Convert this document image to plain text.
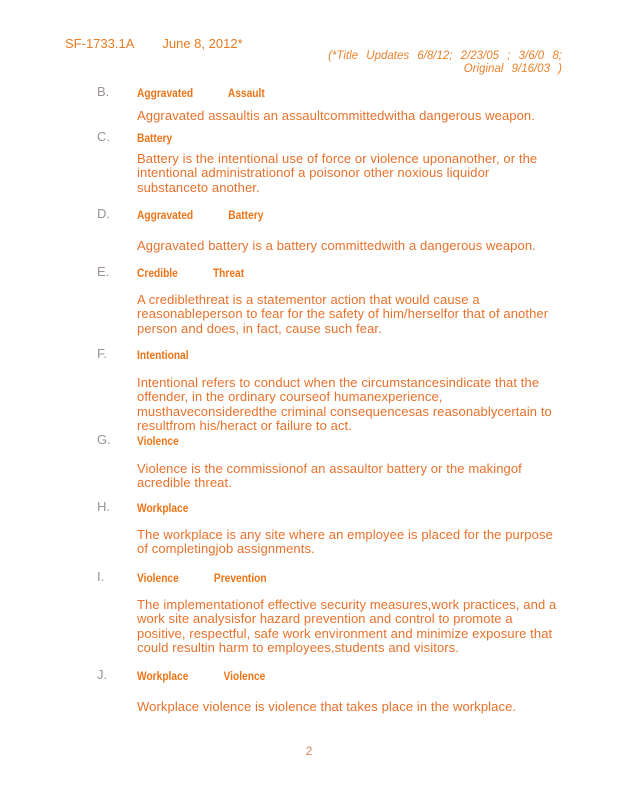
SF-1733.1A June 8, 2012*
(*Title Updates 6/8/12; 2/23/05 ; 3/6/0 8;
Original 9/16/03 )
B. Aggravated Assault

Aggravated assaultis an assaultcommittedwitha dangerous weapon.

C. Battery

Battery is the intentional use of force or violence uponanother, or the intentional administrationof a poisonor other noxious liquidor substanceto another.

D. Aggravated Battery

Aggravated battery is a battery committedwith a dangerous weapon.

E. Credible Threat

A crediblethreat is a statementor action that would cause a reasonableperson to fear for the safety of him/herselfor that of another person and does, in fact, cause such fear.

F. Intentional

Intentional refers to conduct when the circumstancesindicate that the offender, in the ordinary courseof humanexperience, musthaveconsideredthe criminal consequencesas reasonablycertain to resultfrom his/heract or failure to act.

G. Violence

Violence is the commissionof an assaultor battery or the makingof acredible threat.

H. Workplace

The workplace is any site where an employee is placed for the purpose of completingjob assignments.

I.	Violence Prevention

The implementationof effective security measures,work practices, and a work site analysisfor hazard prevention and control to promote a positive, respectful, safe work environment and minimize exposure that could resultin harm to employees,students and visitors.

J. Workplace Violence

Workplace violence is violence that takes place in the workplace.

2
